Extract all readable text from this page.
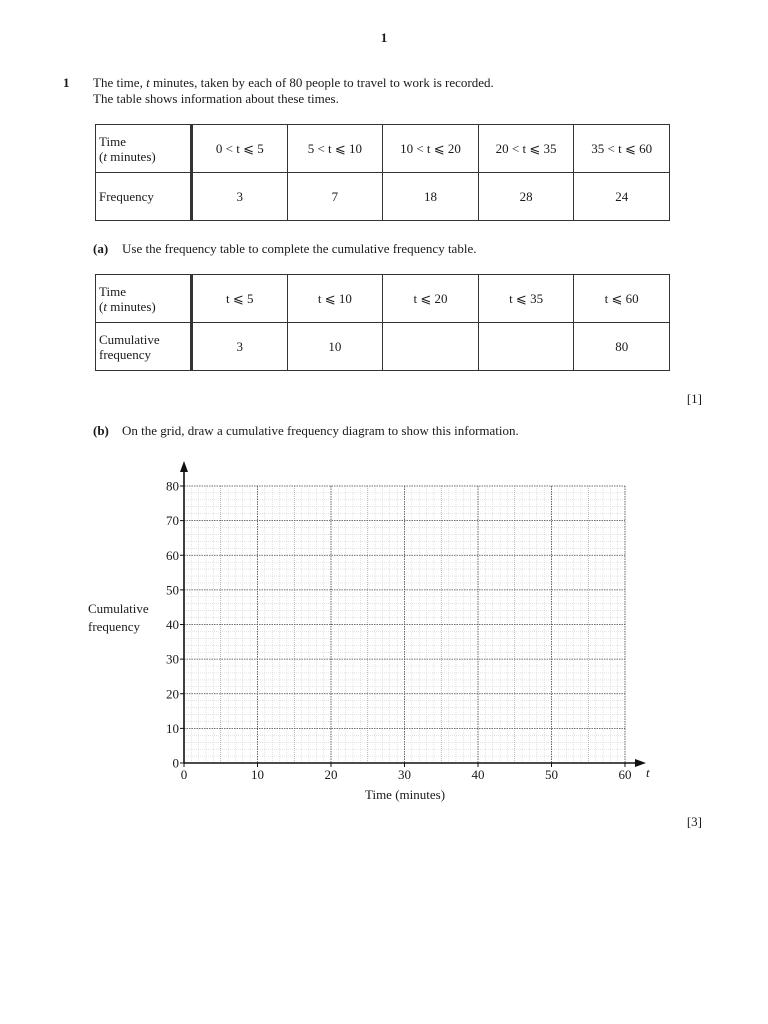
1
1 The time, t minutes, taken by each of 80 people to travel to work is recorded.
The table shows information about these times.
Time
(t minutes)	0 < t ⩽ 5	5 < t ⩽ 10	10 < t ⩽ 20	20 < t ⩽ 35	35 < t ⩽ 60
Frequency	3	7	18	28	24
(a) Use the frequency table to complete the cumulative frequency table.
Time
(t minutes)	t ⩽ 5	t ⩽ 10	t ⩽ 20	t ⩽ 35	t ⩽ 60
Cumulative
frequency	3	10			80
[1]
(b) On the grid, draw a cumulative frequency diagram to show this information.
Cumulative
frequency
0
10
20
30
40
50
60
70
80
0	10	20	30	40	50	60 t
Time (minutes)
[3]
